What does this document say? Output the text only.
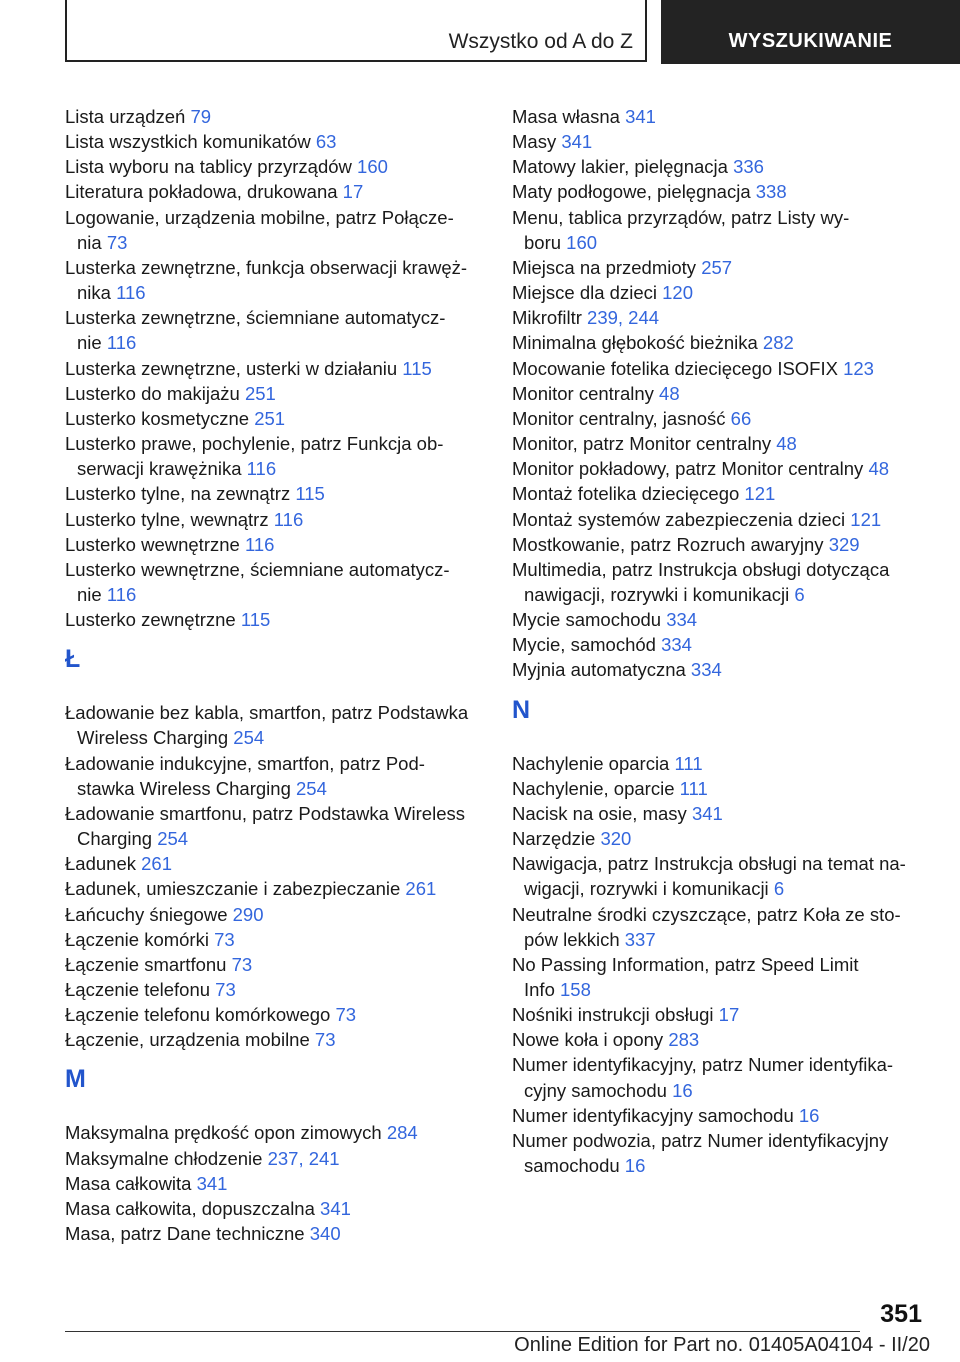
Wszystko od A do Z	WYSZUKIWANIE
Lista urządzeń 79
Lista wszystkich komunikatów 63
Lista wyboru na tablicy przyrządów 160
Literatura pokładowa, drukowana 17
Logowanie, urządzenia mobilne, patrz Połącze-
nia 73
Lusterka zewnętrzne, funkcja obserwacji krawęż-
nika 116
Lusterka zewnętrzne, ściemniane automatycz-
nie 116
Lusterka zewnętrzne, usterki w działaniu 115
Lusterko do makijażu 251
Lusterko kosmetyczne 251
Lusterko prawe, pochylenie, patrz Funkcja ob-
serwacji krawężnika 116
Lusterko tylne, na zewnątrz 115
Lusterko tylne, wewnątrz 116
Lusterko wewnętrzne 116
Lusterko wewnętrzne, ściemniane automatycz-
nie 116
Lusterko zewnętrzne 115
Ł
Ładowanie bez kabla, smartfon, patrz Podstawka
Wireless Charging 254
Ładowanie indukcyjne, smartfon, patrz Pod-
stawka Wireless Charging 254
Ładowanie smartfonu, patrz Podstawka Wireless
Charging 254
Ładunek 261
Ładunek, umieszczanie i zabezpieczanie 261
Łańcuchy śniegowe 290
Łączenie komórki 73
Łączenie smartfonu 73
Łączenie telefonu 73
Łączenie telefonu komórkowego 73
Łączenie, urządzenia mobilne 73
M
Maksymalna prędkość opon zimowych 284
Maksymalne chłodzenie 237, 241
Masa całkowita 341
Masa całkowita, dopuszczalna 341
Masa, patrz Dane techniczne 340
Masa własna 341
Masy 341
Matowy lakier, pielęgnacja 336
Maty podłogowe, pielęgnacja 338
Menu, tablica przyrządów, patrz Listy wy-
boru 160
Miejsca na przedmioty 257
Miejsce dla dzieci 120
Mikrofiltr 239, 244
Minimalna głębokość bieżnika 282
Mocowanie fotelika dziecięcego ISOFIX 123
Monitor centralny 48
Monitor centralny, jasność 66
Monitor, patrz Monitor centralny 48
Monitor pokładowy, patrz Monitor centralny 48
Montaż fotelika dziecięcego 121
Montaż systemów zabezpieczenia dzieci 121
Mostkowanie, patrz Rozruch awaryjny 329
Multimedia, patrz Instrukcja obsługi dotycząca
nawigacji, rozrywki i komunikacji 6
Mycie samochodu 334
Mycie, samochód 334
Myjnia automatyczna 334
N
Nachylenie oparcia 111
Nachylenie, oparcie 111
Nacisk na osie, masy 341
Narzędzie 320
Nawigacja, patrz Instrukcja obsługi na temat na-
wigacji, rozrywki i komunikacji 6
Neutralne środki czyszczące, patrz Koła ze sto-
pów lekkich 337
No Passing Information, patrz Speed Limit
Info 158
Nośniki instrukcji obsługi 17
Nowe koła i opony 283
Numer identyfikacyjny, patrz Numer identyfika-
cyjny samochodu 16
Numer identyfikacyjny samochodu 16
Numer podwozia, patrz Numer identyfikacyjny
samochodu 16
351
Online Edition for Part no. 01405A04104 - II/20
